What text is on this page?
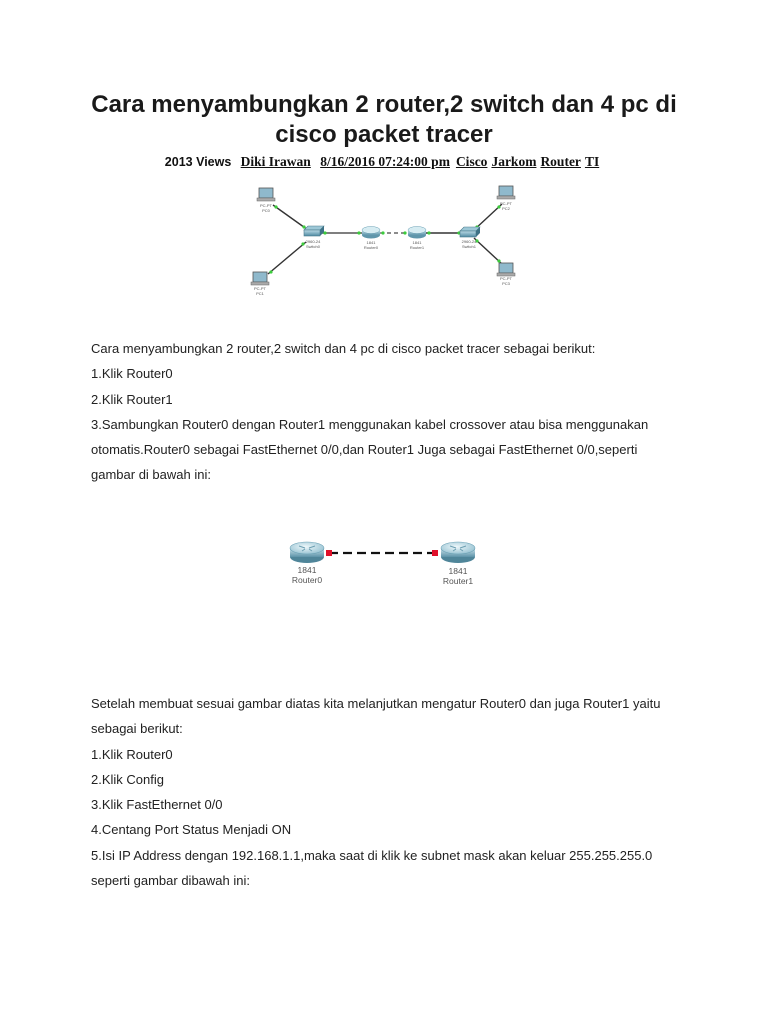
Cara menyambungkan 2 router,2 switch dan 4 pc di
cisco packet tracer
2013 Views Diki Irawan 8/16/2016 07:24:00 pm Cisco Jarkom Router TI
PC-PT
PC0
PC-PT
PC1
2960-24
Switch0
1841
Router0
1841
Router1
2960-24
Switch1
PC-PT
PC2
PC-PT
PC3

Cara menyambungkan 2 router,2 switch dan 4 pc di cisco packet tracer sebagai berikut:

1.Klik Router0

2.Klik Router1

3.Sambungkan Router0 dengan Router1 menggunakan kabel crossover atau bisa menggunakan

otomatis.Router0 sebagai FastEthernet 0/0,dan Router1 Juga sebagai FastEthernet 0/0,seperti

gambar di bawah ini:

1841
Router0
1841
Router1

Setelah membuat sesuai gambar diatas kita melanjutkan mengatur Router0 dan juga Router1 yaitu

sebagai berikut:

1.Klik Router0

2.Klik Config

3.Klik FastEthernet 0/0

4.Centang Port Status Menjadi ON

5.Isi IP Address dengan 192.168.1.1,maka saat di klik ke subnet mask akan keluar 255.255.255.0

seperti gambar dibawah ini:
